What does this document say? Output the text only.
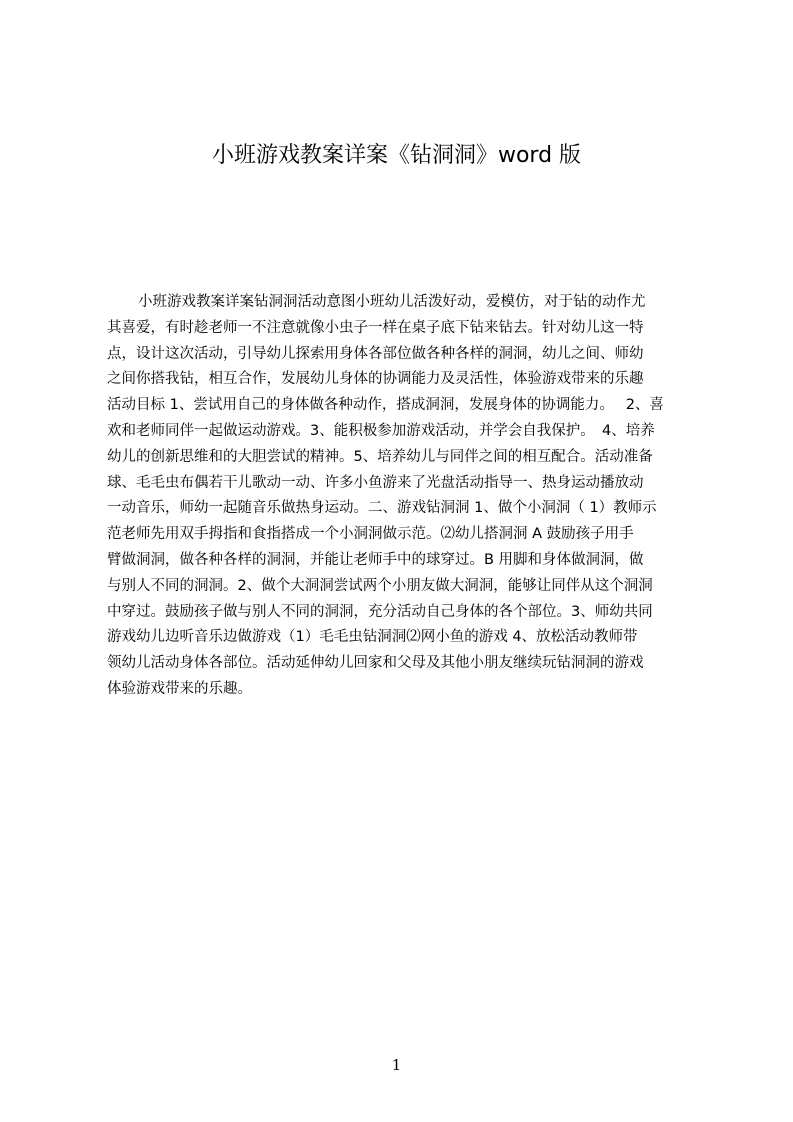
小班游戏教案详案《钻洞洞》word 版
小班游戏教案详案钻洞洞活动意图小班幼儿活泼好动，爱模仿，对于钻的动作尤
其喜爱，有时趁老师一不注意就像小虫子一样在桌子底下钻来钻去。针对幼儿这一特
点，设计这次活动，引导幼儿探索用身体各部位做各种各样的洞洞，幼儿之间、师幼
之间你搭我钻，相互合作，发展幼儿身体的协调能力及灵活性，体验游戏带来的乐趣
活动目标 1、尝试用自己的身体做各种动作，搭成洞洞，发展身体的协调能力。　 2、喜
欢和老师同伴一起做运动游戏。3、能积极参加游戏活动，并学会自我保护。　4、培养
幼儿的创新思维和的大胆尝试的精神。5、培养幼儿与同伴之间的相互配合。活动准备
球、毛毛虫布偶若干儿歌动一动、许多小鱼游来了光盘活动指导一、热身运动播放动
一动音乐，师幼一起随音乐做热身运动。二、游戏钻洞洞 1、做个小洞洞（ 1）教师示
范老师先用双手拇指和食指搭成一个小洞洞做示范。⑵幼儿搭洞洞 A 鼓励孩子用手
臂做洞洞，做各种各样的洞洞，并能让老师手中的球穿过。B 用脚和身体做洞洞，做
与别人不同的洞洞。2、做个大洞洞尝试两个小朋友做大洞洞，能够让同伴从这个洞洞
中穿过。鼓励孩子做与别人不同的洞洞，充分活动自己身体的各个部位。3、师幼共同
游戏幼儿边听音乐边做游戏（1）毛毛虫钻洞洞⑵网小鱼的游戏 4、放松活动教师带
领幼儿活动身体各部位。活动延伸幼儿回家和父母及其他小朋友继续玩钻洞洞的游戏
体验游戏带来的乐趣。
1
